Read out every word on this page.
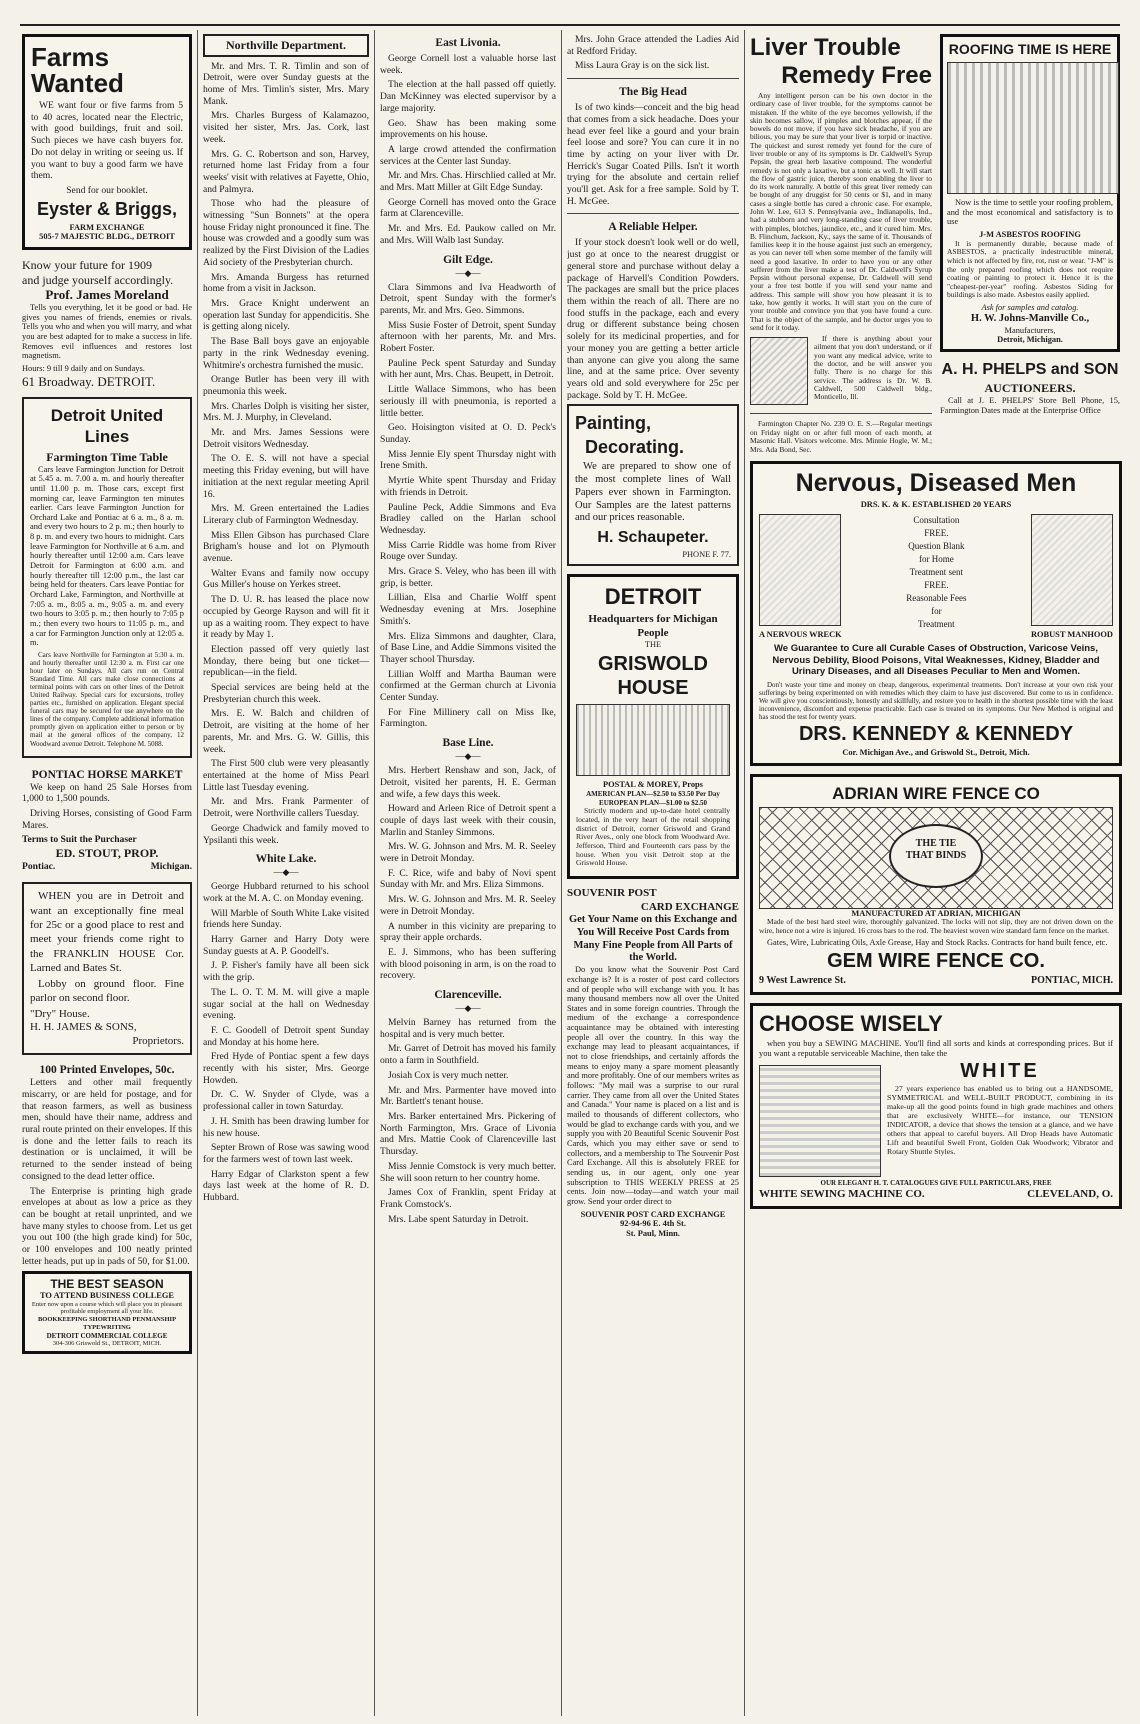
Farms Wanted

WE want four or five farms from 5 to 40 acres, located near the Electric, with good buildings, fruit and soil. Such pieces we have cash buyers for. Do not delay in writing or seeing us. If you want to buy a good farm we have them.

Send for our booklet.
Eyster & Briggs,
FARM EXCHANGE
505-7 MAJESTIC BLDG., DETROIT
Know your future for 1909
and judge yourself accordingly.
Prof. James Moreland

Tells you everything, let it be good or bad. He gives you names of friends, enemies or rivals. Tells you who and when you will marry, and what you are best adapted for to make a success in life. Removes evil influences and restores lost magnetism.

Hours: 9 till 9 daily and on Sundays.
61 Broadway. DETROIT.
Detroit United Lines
Farmington Time Table

Cars leave Farmington Junction for Detroit at 5.45 a. m. 7.00 a. m. and hourly thereafter until 11.00 p. m. Those cars, except first morning car, leave Farmington ten minutes earlier. Cars leave Farmington Junction for Orchard Lake and Pontiac at 6 a. m., 8 a. m. and every two hours to 2 p. m.; then hourly to 8 p. m. and every two hours to midnight. Cars leave Farmington for Northville at 6 a.m. and hourly thereafter until 12:00 a.m. Cars leave Detroit for Farmington at 6:00 a.m. and hourly thereafter till 12:00 p.m., the last car being held for theaters. Cars leave Pontiac for Orchard Lake, Farmington, and Northville at 7:05 a. m., 8:05 a. m., 9:05 a. m. and every two hours to 3:05 p. m.; then hourly to 7:05 p m.; then every two hours to 11:05 p. m., and a car for Farmington Junction only at 12:05 a. m.

Cars leave Northville for Farmington at 5:30 a. m. and hourly thereafter until 12:30 a. m. First car one hour later on Sundays. All cars run on Central Standard Time. All cars make close connections at terminal points with cars on other lines of the Detroit United Railway. Special cars for excursions, trolley parties etc., furnished on application. Elegant special funeral cars may be secured for use anywhere on the lines of the company. Complete additional information promptly given on application either to person or by mail at the general offices of the company, 12 Woodward avenue Detroit. Telephone M. 5088.

PONTIAC HORSE MARKET

We keep on hand 25 Sale Horses from 1,000 to 1,500 pounds.

Driving Horses, consisting of Good Farm Mares.

Terms to Suit the Purchaser
ED. STOUT, PROP.
Pontiac.	Michigan.

WHEN you are in Detroit and want an exceptionally fine meal for 25c or a good place to rest and meet your friends come right to the FRANKLIN HOUSE Cor. Larned and Bates St.

Lobby on ground floor. Fine parlor on second floor.

"Dry" House.
H. H. JAMES & SONS,
Proprietors.
100 Printed Envelopes, 50c.

Letters and other mail frequently miscarry, or are held for postage, and for that reason farmers, as well as business men, should have their name, address and rural route printed on their envelopes. If this is done and the letter fails to reach its destination or is unclaimed, it will be returned to the sender instead of being consigned to the dead letter office.

The Enterprise is printing high grade envelopes at about as low a price as they can be bought at retail unprinted, and we have many styles to choose from. Let us get you out 100 (the high grade kind) for 50c, or 100 envelopes and 100 neatly printed letter heads, put up in pads of 50, for $1.00.

THE BEST SEASON
TO ATTEND BUSINESS COLLEGE
Enter now upon a course which will place you in pleasant profitable employment all your life.
BOOKKEEPING SHORTHAND PENMANSHIP TYPEWRITING
DETROIT COMMERCIAL COLLEGE
304-306 Griswold St., DETROIT, MICH.
Northville Department.

Mr. and Mrs. T. R. Timlin and son of Detroit, were over Sunday guests at the home of Mrs. Timlin's sister, Mrs. Mary Mank.

Mrs. Charles Burgess of Kalamazoo, visited her sister, Mrs. Jas. Cork, last week.

Mrs. G. C. Robertson and son, Harvey, returned home last Friday from a four weeks' visit with relatives at Fayette, Ohio, and Palmyra.

Those who had the pleasure of witnessing "Sun Bonnets" at the opera house Friday night pronounced it fine. The house was crowded and a goodly sum was realized by the First Division of the Ladies Aid society of the Presbyterian church.

Mrs. Amanda Burgess has returned home from a visit in Jackson.

Mrs. Grace Knight underwent an operation last Sunday for appendicitis. She is getting along nicely.

The Base Ball boys gave an enjoyable party in the rink Wednesday evening. Whitmire's orchestra furnished the music.

Orange Butler has been very ill with pneumonia this week.

Mrs. Charles Dolph is visiting her sister, Mrs. M. J. Murphy, in Cleveland.

Mr. and Mrs. James Sessions were Detroit visitors Wednesday.

The O. E. S. will not have a special meeting this Friday evening, but will have initiation at the next regular meeting April 16.

Mrs. M. Green entertained the Ladies Literary club of Farmington Wednesday.

Miss Ellen Gibson has purchased Clare Brigham's house and lot on Plymouth avenue.

Walter Evans and family now occupy Gus Miller's house on Yerkes street.

The D. U. R. has leased the place now occupied by George Rayson and will fit it up as a waiting room. They expect to have it ready by May 1.

Election passed off very quietly last Monday, there being but one ticket—republican—in the field.

Special services are being held at the Presbyterian church this week.

Mrs. E. W. Balch and children of Detroit, are visiting at the home of her parents, Mr. and Mrs. G. W. Gillis, this week.

The First 500 club were very pleasantly entertained at the home of Miss Pearl Little last Tuesday evening.

Mr. and Mrs. Frank Parmenter of Detroit, were Northville callers Tuesday.

George Chadwick and family moved to Ypsilanti this week.

White Lake.
—◆—

George Hubbard returned to his school work at the M. A. C. on Monday evening.

Will Marble of South White Lake visited friends here Sunday.

Harry Garner and Harry Doty were Sunday guests at A. P. Goodell's.

J. P. Fisher's family have all been sick with the grip.

The L. O. T. M. M. will give a maple sugar social at the hall on Wednesday evening.

F. C. Goodell of Detroit spent Sunday and Monday at his home here.

Fred Hyde of Pontiac spent a few days recently with his sister, Mrs. George Howden.

Dr. C. W. Snyder of Clyde, was a professional caller in town Saturday.

J. H. Smith has been drawing lumber for his new house.

Septer Brown of Rose was sawing wood for the farmers west of town last week.

Harry Edgar of Clarkston spent a few days last week at the home of R. D. Hubbard.

East Livonia.

George Cornell lost a valuable horse last week.

The election at the hall passed off quietly. Dan McKinney was elected supervisor by a large majority.

Geo. Shaw has been making some improvements on his house.

A large crowd attended the confirmation services at the Center last Sunday.

Mr. and Mrs. Chas. Hirschlied called at Mr. and Mrs. Matt Miller at Gilt Edge Sunday.

George Cornell has moved onto the Grace farm at Clarenceville.

Mr. and Mrs. Ed. Paukow called on Mr. and Mrs. Will Walb last Sunday.

Gilt Edge.
—◆—

Clara Simmons and Iva Headworth of Detroit, spent Sunday with the former's parents, Mr. and Mrs. Geo. Simmons.

Miss Susie Foster of Detroit, spent Sunday afternoon with her parents, Mr. and Mrs. Robert Foster.

Pauline Peck spent Saturday and Sunday with her aunt, Mrs. Chas. Beupett, in Detroit.

Little Wallace Simmons, who has been seriously ill with pneumonia, is reported a little better.

Geo. Hoisington visited at O. D. Peck's Sunday.

Miss Jennie Ely spent Thursday night with Irene Smith.

Myrtie White spent Thursday and Friday with friends in Detroit.

Pauline Peck, Addie Simmons and Eva Bradley called on the Harlan school Wednesday.

Miss Carrie Riddle was home from River Rouge over Sunday.

Mrs. Grace S. Veley, who has been ill with grip, is better.

Lillian, Elsa and Charlie Wolff spent Wednesday evening at Mrs. Josephine Smith's.

Mrs. Eliza Simmons and daughter, Clara, of Base Line, and Addie Simmons visited the Thayer school Thursday.

Lillian Wolff and Martha Bauman were confirmed at the German church at Livonia Center Sunday.

For Fine Millinery call on Miss Ike, Farmington.

Base Line.
—◆—

Mrs. Herbert Renshaw and son, Jack, of Detroit, visited her parents, H. E. German and wife, a few days this week.

Howard and Arleen Rice of Detroit spent a couple of days last week with their cousin, Marlin and Stanley Simmons.

Mrs. W. G. Johnson and Mrs. M. R. Seeley were in Detroit Monday.

F. C. Rice, wife and baby of Novi spent Sunday with Mr. and Mrs. Eliza Simmons.

Mrs. W. G. Johnson and Mrs. M. R. Seeley were in Detroit Monday.

A number in this vicinity are preparing to spray their apple orchards.

E. J. Simmons, who has been suffering with blood poisoning in arm, is on the road to recovery.

Clarenceville.
—◆—

Melvin Barney has returned from the hospital and is very much better.

Mr. Garret of Detroit has moved his family onto a farm in Southfield.

Josiah Cox is very much netter.

Mr. and Mrs. Parmenter have moved into Mr. Bartlett's tenant house.

Mrs. Barker entertained Mrs. Pickering of North Farmington, Mrs. Grace of Livonia and Mrs. Mattie Cook of Clarenceville last Thursday.

Miss Jennie Comstock is very much better. She will soon return to her country home.

James Cox of Franklin, spent Friday at Frank Comstock's.

Mrs. Labe spent Saturday in Detroit.

Mrs. John Grace attended the Ladies Aid at Redford Friday.

Miss Laura Gray is on the sick list.

The Big Head

Is of two kinds—conceit and the big head that comes from a sick headache. Does your head ever feel like a gourd and your brain feel loose and sore? You can cure it in no time by acting on your liver with Dr. Herrick's Sugar Coated Pills. Isn't it worth trying for the absolute and certain relief you'll get. Ask for a free sample. Sold by T. H. McGee.

A Reliable Helper.

If your stock doesn't look well or do well, just go at once to the nearest druggist or general store and purchase without delay a package of Harvell's Condition Powders. The packages are small but the price places them within the reach of all. There are no food stuffs in the package, each and every drug or different substance being chosen solely for its medicinal properties, and for your money you are getting a better article than anyone can give you along the same line, and at the same price. Over seventy years old and sold everywhere for 25c per package. Sold by T. H. McGee.

Painting,
Decorating.

We are prepared to show one of the most complete lines of Wall Papers ever shown in Farmington. Our Samples are the latest patterns and our prices reasonable.

H. Schaupeter.
PHONE F. 77.
DETROIT
Headquarters for Michigan People
THE
GRISWOLD HOUSE
POSTAL & MOREY, Props
AMERICAN PLAN—$2.50 to $3.50 Per Day EUROPEAN PLAN—$1.00 to $2.50

Strictly modern and up-to-date hotel centrally located, in the very heart of the retail shopping district of Detroit, corner Griswold and Grand River Aves., only one block from Woodward Ave. Jefferson, Third and Fourteenth cars pass by the house. When you visit Detroit stop at the Griswold House.

SOUVENIR POST
CARD EXCHANGE
Get Your Name on this Exchange and You Will Receive Post Cards from Many Fine People from All Parts of the World.

Do you know what the Souvenir Post Card exchange is? It is a roster of post card collectors and of people who will exchange with you. It has many thousand members now all over the United States and in some foreign countries. Through the medium of the exchange a correspondence acquaintance may be obtained with interesting people all over the country. In this way the exchange may lead to pleasant acquaintances, if not to close friendships, and certainly affords the means to enjoy many a spare moment pleasantly and more profitably. One of our members writes as follows: "My mail was a surprise to our rural carrier. They came from all over the United States and Canada." Your name is placed on a list and is mailed to thousands of different collectors, who would be glad to exchange cards with you, and we supply you with 20 Beautiful Scenic Souvenir Post Cards, which you may either save or send to collectors, and a membership to The Souvenir Post Card Exchange. All this is absolutely FREE for sending us, in our agent, only one year subscription to THIS WEEKLY PRESS at 25 cents. Join now—today—and watch your mail grow. Send your order direct to

SOUVENIR POST CARD EXCHANGE
92-94-96 E. 4th St.
St. Paul, Minn.
Liver Trouble
Remedy Free

Any intelligent person can be his own doctor in the ordinary case of liver trouble, for the symptoms cannot be mistaken. If the white of the eye becomes yellowish, if the skin becomes sallow, if pimples and blotches appear, if the bowels do not move, if you have sick headache, if you are bilious, you may be sure that your liver is torpid or inactive. The quickest and surest remedy yet found for the cure of liver trouble or any of its symptoms is Dr. Caldwell's Syrup Pepsin, the great herb laxative compound. The wonderful remedy is not only a laxative, but a tonic as well. It will start the flow of gastric juice, thereby soon enabling the liver to do its work naturally. A bottle of this great liver remedy can be bought of any druggist for 50 cents or $1, and in many cases a single bottle has cured a chronic case. For example, John W. Lee, 613 S. Pennsylvania ave., Indianapolis, Ind., had a stubborn and very long-standing case of liver trouble, with pimples, blotches, jaundice, etc., and it cured him. Mrs. B. Flinchum, Jackson, Ky., says the same of it. Thousands of families keep it in the house against just such an emergency, as you can never tell when some member of the family will need a good laxative. In order to have you or any other sufferer from the liver make a test of Dr. Caldwell's Syrup Pepsin without personal expense, Dr. Caldwell will send your a free test bottle if you will send your name and address. This sample will show you how pleasant it is to take, how gently it works. It will start you on the cure of your trouble and convince you that you have found a cure. That is the object of the sample, and he doctor urges you to send for it today.

If there is anything about your ailment that you don't understand, or if you want any medical advice, write to the doctor, and he will answer you fully. There is no charge for this service. The address is Dr. W. B. Caldwell, 500 Caldwell bldg., Monticello, Ill.

Farmington Chapter No. 239 O. E. S.—Regular meetings on Friday night on or after full moon of each month, at Masonic Hall. Visitors welcome. Mrs. Minnie Hogle, W. M.; Mrs. Ada Bond, Sec.

ROOFING TIME IS HERE

Now is the time to settle your roofing problem, and the most economical and satisfactory is to use

J-M ASBESTOS ROOFING

It is permanently durable, because made of ASBESTOS, a practically indestructible mineral, which is not affected by fire, rot, rust or wear. "J-M" is the only prepared roofing which does not require coating or painting to protect it. Hence it is the "cheapest-per-year" roofing. Asbestos Siding for buildings is also made. Asbestos easily applied.

Ask for samples and catalog.
H. W. Johns-Manville Co.,
Manufacturers,
Detroit, Michigan.
A. H. PHELPS and SON
AUCTIONEERS.

Call at J. E. PHELPS' Store Bell Phone, 15, Farmington Dates made at the Enterprise Office

Nervous, Diseased Men
DRS. K. & K. ESTABLISHED 20 YEARS
A NERVOUS WRECK
Consultation
FREE.
Question Blank
for Home
Treatment sent
FREE.
Reasonable Fees
for
Treatment
ROBUST MANHOOD
We Guarantee to Cure all Curable Cases of Obstruction, Varicose Veins, Nervous Debility, Blood Poisons, Vital Weaknesses, Kidney, Bladder and Urinary Diseases, and all Diseases Peculiar to Men and Women.

Don't waste your time and money on cheap, dangerous, experimental treatments. Don't increase at your own risk your sufferings by being experimented on with remedies which they claim to have just discovered. But come to us in confidence. We will give you conscientiously, honestly and skillfully, and restore you to health in the shortest possible time with the least inconvenience, discomfort and expense practicable. Each case is treated on its symptoms. Our New Method is original and has stood the test for twenty years.

DRS. KENNEDY & KENNEDY
Cor. Michigan Ave., and Griswold St., Detroit, Mich.
ADRIAN WIRE FENCE CO
THE TIE
THAT BINDS
MANUFACTURED AT ADRIAN, MICHIGAN

Made of the best hard steel wire, thoroughly galvanized. The locks will not slip, they are not driven down on the wire, hence not a wire is injured. 16 cross bars to the rod. The heaviest woven wire standard farm fence on the market.

Gates, Wire, Lubricating Oils, Axle Grease, Hay and Stock Racks. Contracts for hand built fence, etc.

GEM WIRE FENCE CO.
9 West Lawrence St.	PONTIAC, MICH.
CHOOSE WISELY

when you buy a SEWING MACHINE. You'll find all sorts and kinds at corresponding prices. But if you want a reputable serviceable Machine, then take the

WHITE

27 years experience has enabled us to bring out a HANDSOME, SYMMETRICAL and WELL-BUILT PRODUCT, combining in its make-up all the good points found in high grade machines and others that are exclusively WHITE—for instance, our TENSION INDICATOR, a device that shows the tension at a glance, and we have others that appeal to careful buyers. All Drop Heads have Automatic Lift and beautiful Swell Front, Golden Oak Woodwork; Vibrator and Rotary Shuttle Styles.

OUR ELEGANT H. T. CATALOGUES GIVE FULL PARTICULARS, FREE
WHITE SEWING MACHINE CO.	CLEVELAND, O.
